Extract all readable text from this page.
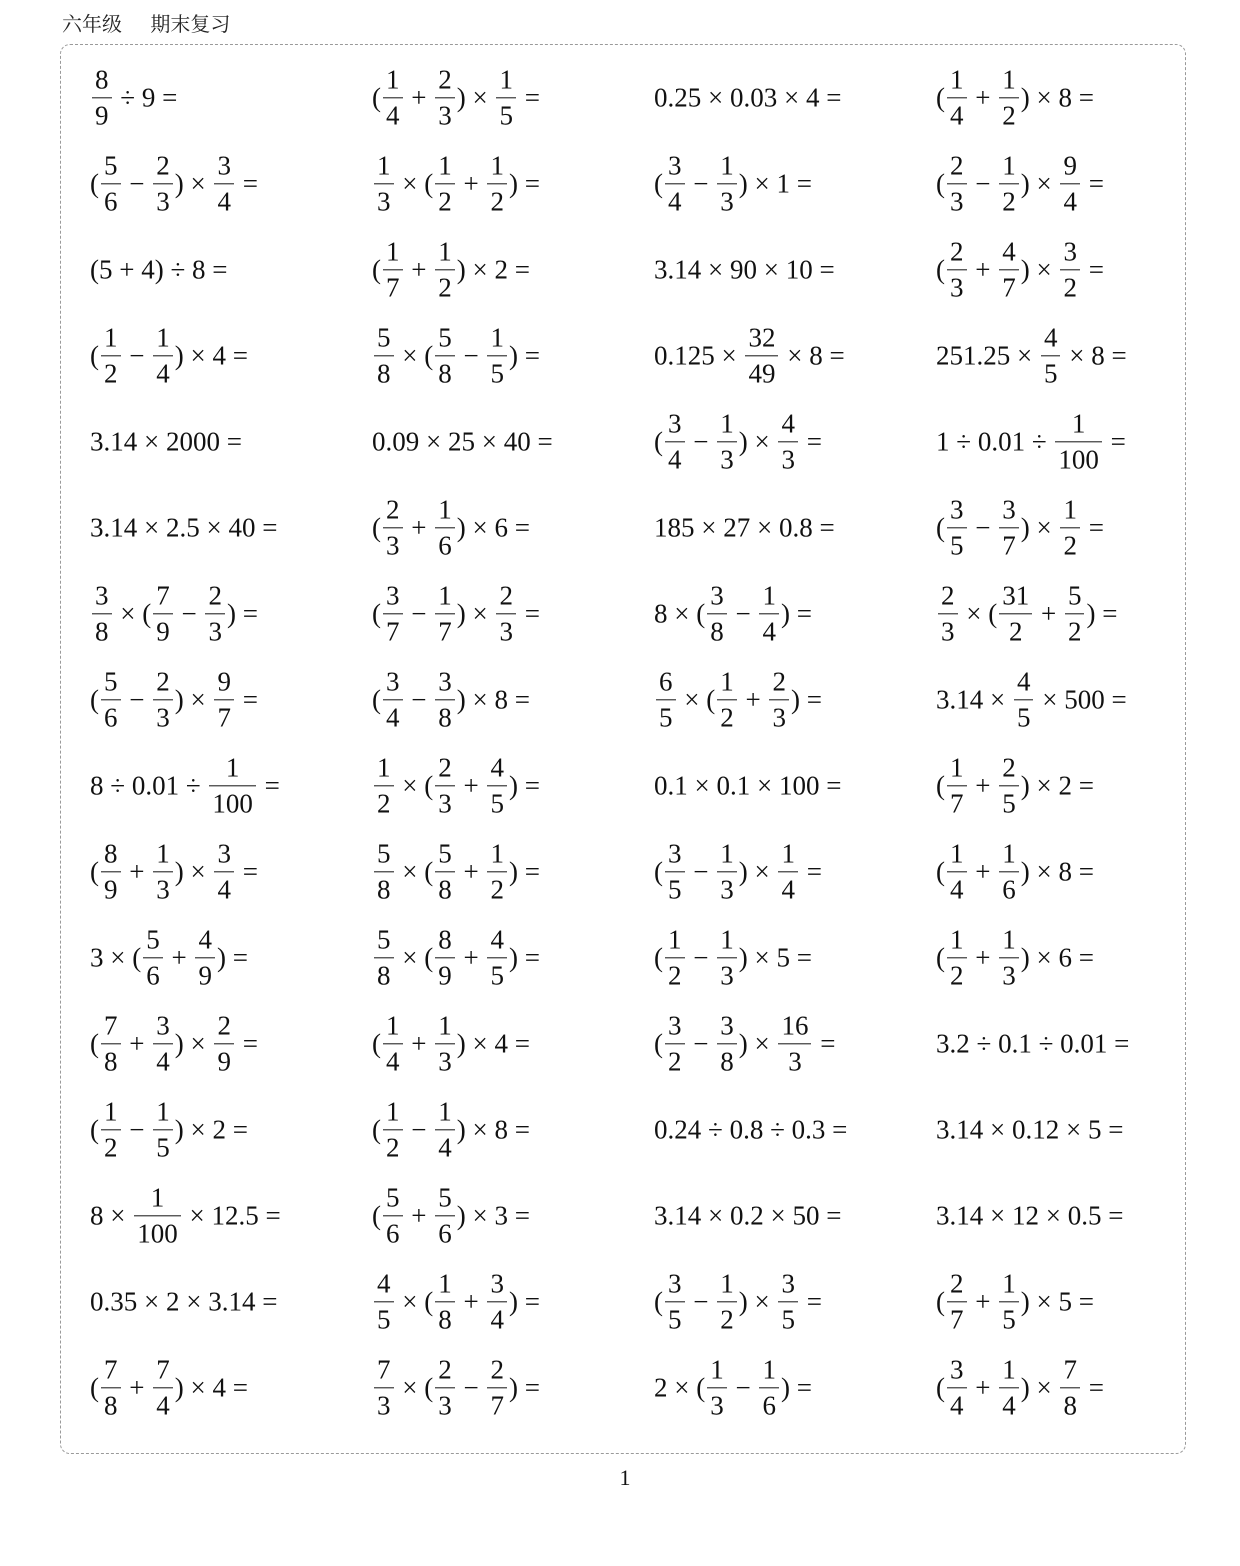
六年级 期末复习
$\frac{8}{9} \div 9$ =	( $\frac{1}{4} + \frac{2}{3}$ ) × $\frac{1}{5}$ =	0.25 × 0.03 × 4 =	( $\frac{1}{4} + \frac{1}{2}$ ) × 8 =
( $\frac{5}{6} - \frac{2}{3}$ ) × $\frac{3}{4}$ =	$\frac{1}{3}$ × ( $\frac{1}{2} + \frac{1}{2}$ ) =	( $\frac{3}{4} - \frac{1}{3}$ ) × 1 =	( $\frac{2}{3} - \frac{1}{2}$ ) × $\frac{9}{4}$ =
(5 + 4) ÷ 8 =	( $\frac{1}{7} + \frac{1}{2}$ ) × 2 =	3.14 × 90 × 10 =	( $\frac{2}{3} + \frac{4}{7}$ ) × $\frac{3}{2}$ =
( $\frac{1}{2} - \frac{1}{4}$ ) × 4 =	$\frac{5}{8}$ × ( $\frac{5}{8} - \frac{1}{5}$ ) =	$0.125 \times \frac{32}{49} \times 8$ =	$251.25 \times \frac{4}{5} \times 8$ =
3.14 × 2000 =	0.09 × 25 × 40 =	( $\frac{3}{4} - \frac{1}{3}$ ) × $\frac{4}{3}$ =	$1 \div 0.01 \div \frac{1}{100}$ =
3.14 × 2.5 × 40 =	( $\frac{2}{3} + \frac{1}{6}$ ) × 6 =	185 × 27 × 0.8 =	( $\frac{3}{5} - \frac{3}{7}$ ) × $\frac{1}{2}$ =
$\frac{3}{8}$ × ( $\frac{7}{9} - \frac{2}{3}$ ) =	( $\frac{3}{7} - \frac{1}{7}$ ) × $\frac{2}{3}$ =	8 × ( $\frac{3}{8} - \frac{1}{4}$ ) =	$\frac{2}{3}$ × ( $\frac{31}{2} + \frac{5}{2}$ ) =
( $\frac{5}{6} - \frac{2}{3}$ ) × $\frac{9}{7}$ =	( $\frac{3}{4} - \frac{3}{8}$ ) × 8 =	$\frac{6}{5}$ × ( $\frac{1}{2} + \frac{2}{3}$ ) =	$3.14 \times \frac{4}{5} \times 500$ =
$8 \div 0.01 \div \frac{1}{100}$ =	$\frac{1}{2}$ × ( $\frac{2}{3} + \frac{4}{5}$ ) =	0.1 × 0.1 × 100 =	( $\frac{1}{7} + \frac{2}{5}$ ) × 2 =
( $\frac{8}{9} + \frac{1}{3}$ ) × $\frac{3}{4}$ =	$\frac{5}{8}$ × ( $\frac{5}{8} + \frac{1}{2}$ ) =	( $\frac{3}{5} - \frac{1}{3}$ ) × $\frac{1}{4}$ =	( $\frac{1}{4} + \frac{1}{6}$ ) × 8 =
3 × ( $\frac{5}{6} + \frac{4}{9}$ ) =	$\frac{5}{8}$ × ( $\frac{8}{9} + \frac{4}{5}$ ) =	( $\frac{1}{2} - \frac{1}{3}$ ) × 5 =	( $\frac{1}{2} + \frac{1}{3}$ ) × 6 =
( $\frac{7}{8} + \frac{3}{4}$ ) × $\frac{2}{9}$ =	( $\frac{1}{4} + \frac{1}{3}$ ) × 4 =	( $\frac{3}{2} - \frac{3}{8}$ ) × $\frac{16}{3}$ =	3.2 ÷ 0.1 ÷ 0.01 =
( $\frac{1}{2} - \frac{1}{5}$ ) × 2 =	( $\frac{1}{2} - \frac{1}{4}$ ) × 8 =	0.24 ÷ 0.8 ÷ 0.3 =	3.14 × 0.12 × 5 =
$8 \times \frac{1}{100} \times 12.5$ =	( $\frac{5}{6} + \frac{5}{6}$ ) × 3 =	3.14 × 0.2 × 50 =	3.14 × 12 × 0.5 =
0.35 × 2 × 3.14 =	$\frac{4}{5}$ × ( $\frac{1}{8} + \frac{3}{4}$ ) =	( $\frac{3}{5} - \frac{1}{2}$ ) × $\frac{3}{5}$ =	( $\frac{2}{7} + \frac{1}{5}$ ) × 5 =
( $\frac{7}{8} + \frac{7}{4}$ ) × 4 =	$\frac{7}{3}$ × ( $\frac{2}{3} - \frac{2}{7}$ ) =	2 × ( $\frac{1}{3} - \frac{1}{6}$ ) =	( $\frac{3}{4} + \frac{1}{4}$ ) × $\frac{7}{8}$ =
1
